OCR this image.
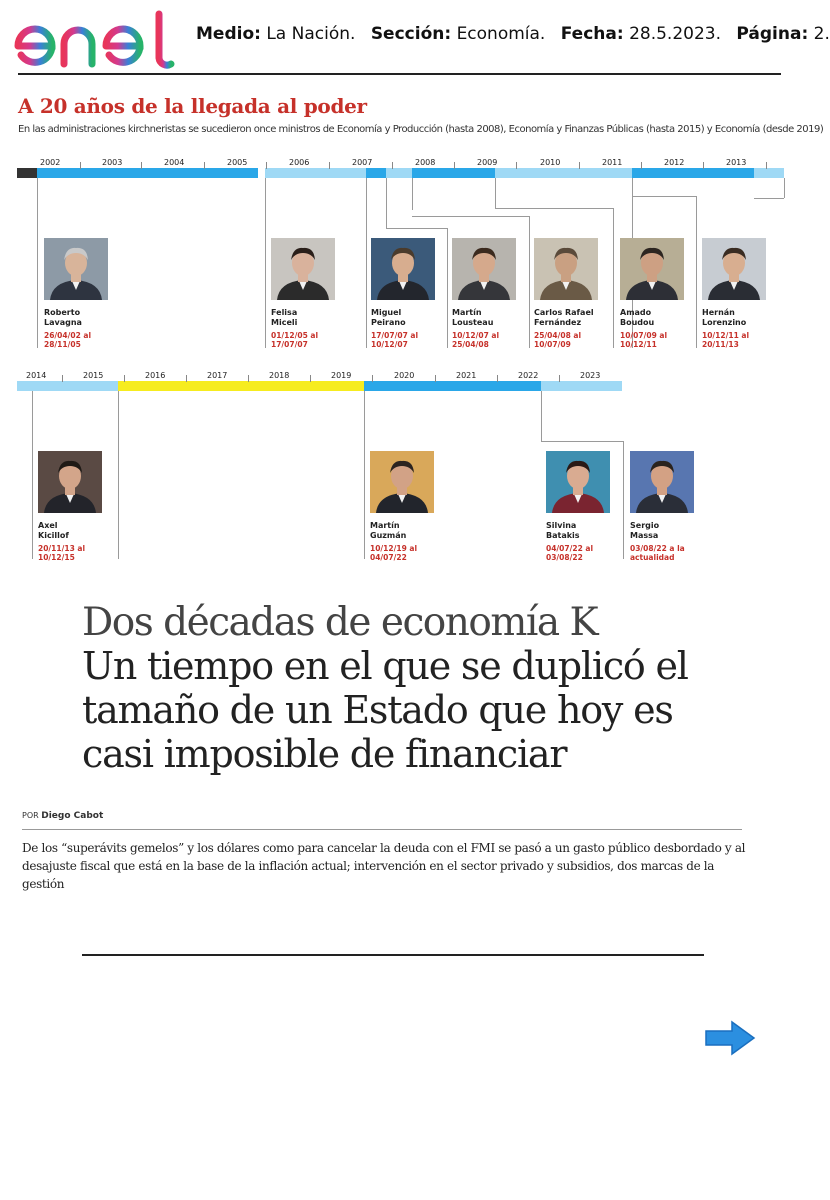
Medio: La Nación. Sección: Economía. Fecha: 28.5.2023. Página: 2.
A 20 años de la llegada al poder
En las administraciones kirchneristas se sucedieron once ministros de Economía y Producción (hasta 2008), Economía y Finanzas Públicas (hasta 2015) y Economía (desde 2019)
2002	2003	2004	2005	2006	2007	2008	2009	2010	2011	2012	2013
2014	2015	2016	2017	2018	2019	2020	2021	2022	2023
Roberto
Lavagna
26/04/02 al
28/11/05
Felisa
Miceli
01/12/05 al
17/07/07
Miguel
Peirano
17/07/07 al
10/12/07
Martín
Lousteau
10/12/07 al
25/04/08
Carlos Rafael
Fernández
25/04/08 al
10/07/09
Amado
Boudou
10/07/09 al
10/12/11
Hernán
Lorenzino
10/12/11 al
20/11/13
Axel
Kicillof
20/11/13 al
10/12/15
Martín
Guzmán
10/12/19 al
04/07/22
Silvina
Batakis
04/07/22 al
03/08/22
Sergio
Massa
03/08/22 a la
actualidad
Dos décadas de economía K
Un tiempo en el que se duplicó el tamaño de un Estado que hoy es casi imposible de financiar
POR Diego Cabot
De los “superávits gemelos” y los dólares como para cancelar la deuda con el FMI se pasó a un gasto público desbordado y al desajuste fiscal que está en la base de la inflación actual; intervención en el sector privado y subsidios, dos marcas de la gestión
